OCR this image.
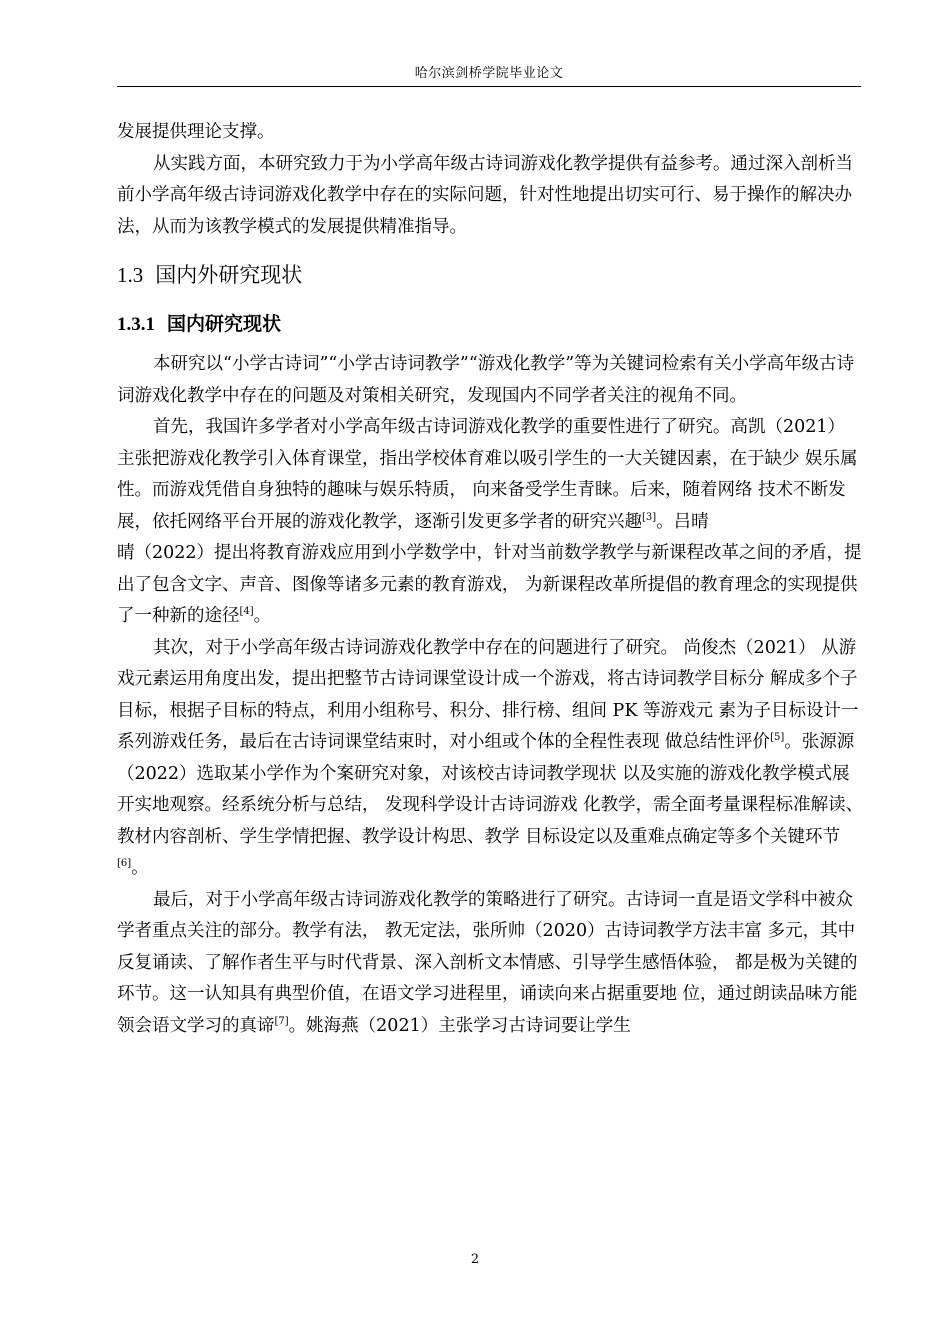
哈尔滨剑桥学院毕业论文

发展提供理论支撑。

从实践方面，本研究致力于为小学高年级古诗词游戏化教学提供有益参考。通过深入剖析当前小学高年级古诗词游戏化教学中存在的实际问题，针对性地提出切实可行、易于操作的解决办法，从而为该教学模式的发展提供精准指导。

1.3 国内外研究现状
1.3.1 国内研究现状

本研究以“小学古诗词”“小学古诗词教学”“游戏化教学”等为关键词检索有关小学高年级古诗词游戏化教学中存在的问题及对策相关研究，发现国内不同学者关注的视角不同。

首先，我国许多学者对小学高年级古诗词游戏化教学的重要性进行了研究。高凯（2021） 主张把游戏化教学引入体育课堂，指出学校体育难以吸引学生的一大关键因素，在于缺少 娱乐属性。而游戏凭借自身独特的趣味与娱乐特质， 向来备受学生青睐。后来，随着网络 技术不断发展，依托网络平台开展的游戏化教学，逐渐引发更多学者的研究兴趣[3]。吕晴

晴（2022）提出将教育游戏应用到小学数学中，针对当前数学教学与新课程改革之间的矛盾，提出了包含文字、声音、图像等诸多元素的教育游戏， 为新课程改革所提倡的教育理念的实现提供了一种新的途径[4]。

其次，对于小学高年级古诗词游戏化教学中存在的问题进行了研究。 尚俊杰（2021） 从游戏元素运用角度出发，提出把整节古诗词课堂设计成一个游戏，将古诗词教学目标分 解成多个子目标，根据子目标的特点，利用小组称号、积分、排行榜、组间 PK 等游戏元 素为子目标设计一系列游戏任务，最后在古诗词课堂结束时，对小组或个体的全程性表现 做总结性评价[5]。张源源（2022）选取某小学作为个案研究对象，对该校古诗词教学现状 以及实施的游戏化教学模式展开实地观察。经系统分析与总结， 发现科学设计古诗词游戏 化教学，需全面考量课程标准解读、教材内容剖析、学生学情把握、教学设计构思、教学 目标设定以及重难点确定等多个关键环节[6]。

最后，对于小学高年级古诗词游戏化教学的策略进行了研究。古诗词一直是语文学科中被众学者重点关注的部分。教学有法， 教无定法，张所帅（2020）古诗词教学方法丰富 多元，其中反复诵读、了解作者生平与时代背景、深入剖析文本情感、引导学生感悟体验， 都是极为关键的环节。这一认知具有典型价值，在语文学习进程里，诵读向来占据重要地 位，通过朗读品味方能领会语文学习的真谛[7]。姚海燕（2021）主张学习古诗词要让学生

2
